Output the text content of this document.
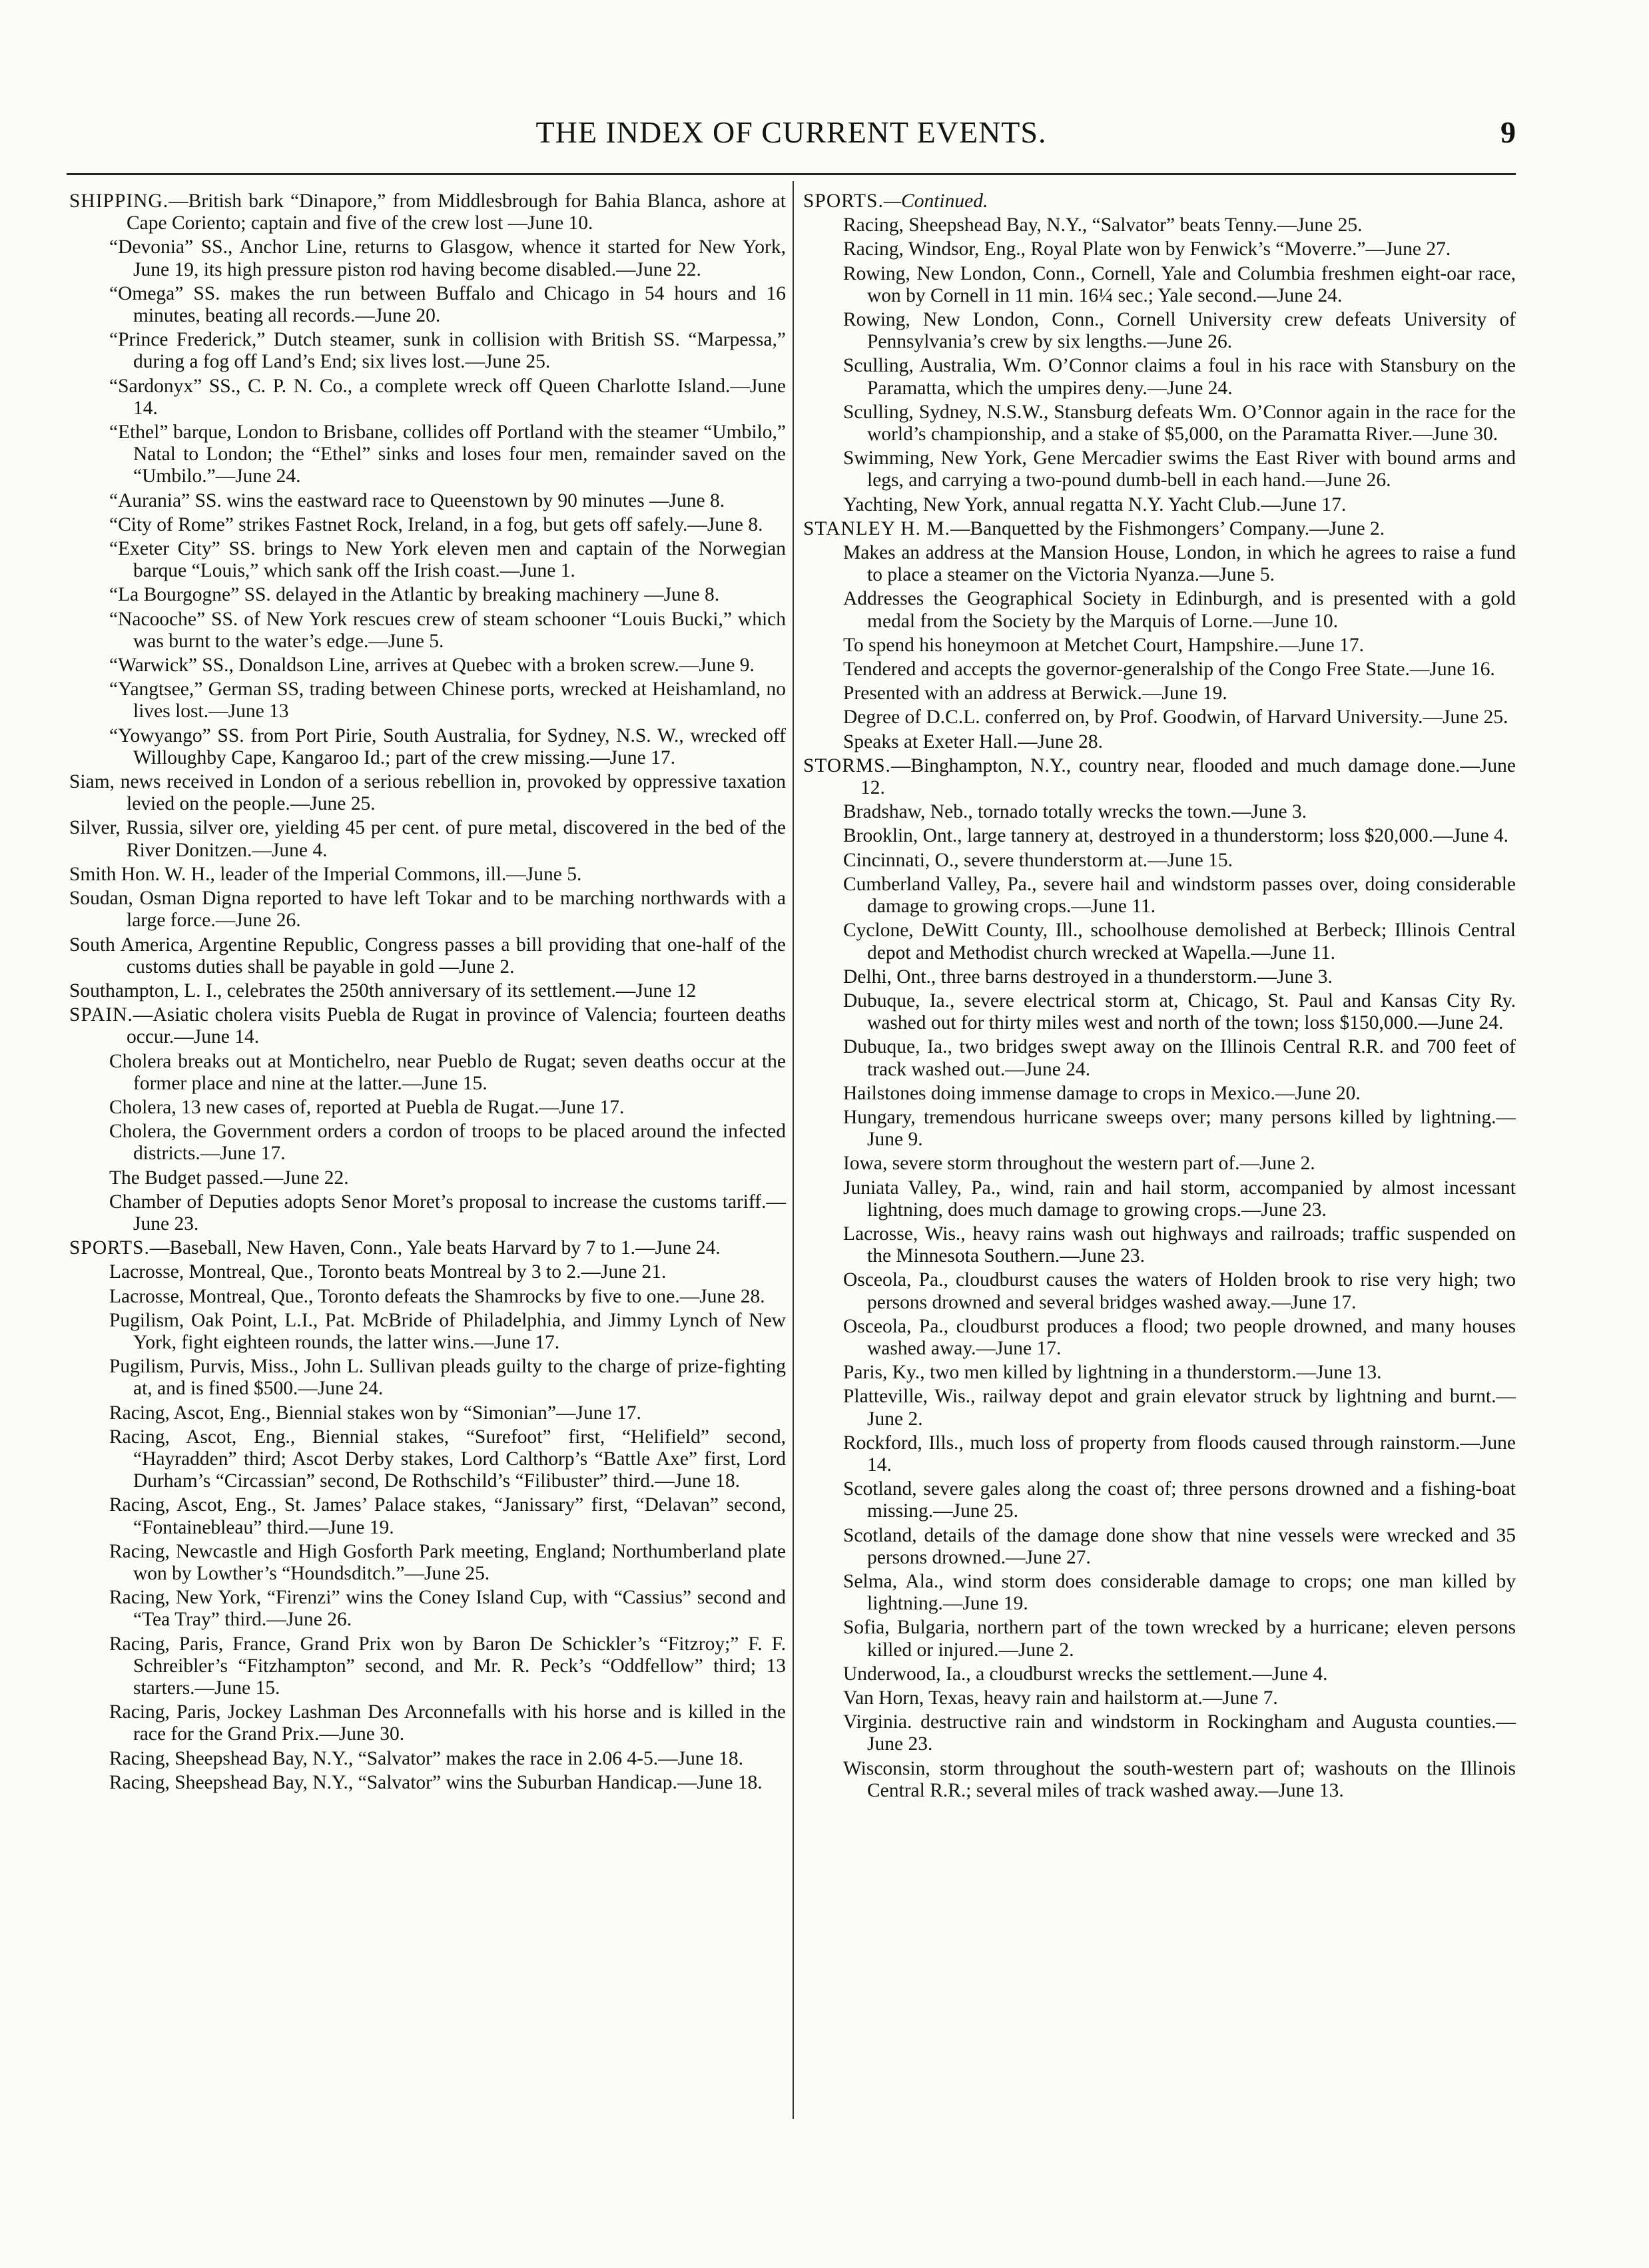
THE INDEX OF CURRENT EVENTS.	9
SHIPPING.—British bark “Dinapore,” from Middlesbrough for Bahia Blanca, ashore at Cape Coriento; captain and five of the crew lost —June 10.
“Devonia” SS., Anchor Line, returns to Glasgow, whence it started for New York, June 19, its high pressure piston rod having become disabled.—June 22.
“Omega” SS. makes the run between Buffalo and Chicago in 54 hours and 16 minutes, beating all records.—June 20.
“Prince Frederick,” Dutch steamer, sunk in collision with British SS. “Marpessa,” during a fog off Land’s End; six lives lost.—June 25.
“Sardonyx” SS., C. P. N. Co., a complete wreck off Queen Charlotte Island.—June 14.
“Ethel” barque, London to Brisbane, collides off Portland with the steamer “Umbilo,” Natal to London; the “Ethel” sinks and loses four men, remainder saved on the “Umbilo.”—June 24.
“Aurania” SS. wins the eastward race to Queenstown by 90 minutes —June 8.
“City of Rome” strikes Fastnet Rock, Ireland, in a fog, but gets off safely.—June 8.
“Exeter City” SS. brings to New York eleven men and captain of the Norwegian barque “Louis,” which sank off the Irish coast.—June 1.
“La Bourgogne” SS. delayed in the Atlantic by breaking machinery —June 8.
“Nacooche” SS. of New York rescues crew of steam schooner “Louis Bucki,” which was burnt to the water’s edge.—June 5.
“Warwick” SS., Donaldson Line, arrives at Quebec with a broken screw.—June 9.
“Yangtsee,” German SS, trading between Chinese ports, wrecked at Heishamland, no lives lost.—June 13
“Yowyango” SS. from Port Pirie, South Australia, for Sydney, N.S. W., wrecked off Willoughby Cape, Kangaroo Id.; part of the crew missing.—June 17.
Siam, news received in London of a serious rebellion in, provoked by oppressive taxation levied on the people.—June 25.
Silver, Russia, silver ore, yielding 45 per cent. of pure metal, discovered in the bed of the River Donitzen.—June 4.
Smith Hon. W. H., leader of the Imperial Commons, ill.—June 5.
Soudan, Osman Digna reported to have left Tokar and to be marching northwards with a large force.—June 26.
South America, Argentine Republic, Congress passes a bill providing that one-half of the customs duties shall be payable in gold —June 2.
Southampton, L. I., celebrates the 250th anniversary of its settlement.—June 12
SPAIN.—Asiatic cholera visits Puebla de Rugat in province of Valencia; fourteen deaths occur.—June 14.
Cholera breaks out at Montichelro, near Pueblo de Rugat; seven deaths occur at the former place and nine at the latter.—June 15.
Cholera, 13 new cases of, reported at Puebla de Rugat.—June 17.
Cholera, the Government orders a cordon of troops to be placed around the infected districts.—June 17.
The Budget passed.—June 22.
Chamber of Deputies adopts Senor Moret’s proposal to increase the customs tariff.—June 23.
SPORTS.—Baseball, New Haven, Conn., Yale beats Harvard by 7 to 1.—June 24.
Lacrosse, Montreal, Que., Toronto beats Montreal by 3 to 2.—June 21.
Lacrosse, Montreal, Que., Toronto defeats the Shamrocks by five to one.—June 28.
Pugilism, Oak Point, L.I., Pat. McBride of Philadelphia, and Jimmy Lynch of New York, fight eighteen rounds, the latter wins.—June 17.
Pugilism, Purvis, Miss., John L. Sullivan pleads guilty to the charge of prize-fighting at, and is fined $500.—June 24.
Racing, Ascot, Eng., Biennial stakes won by “Simonian”—June 17.
Racing, Ascot, Eng., Biennial stakes, “Surefoot” first, “Helifield” second, “Hayradden” third; Ascot Derby stakes, Lord Calthorp’s “Battle Axe” first, Lord Durham’s “Circassian” second, De Rothschild’s “Filibuster” third.—June 18.
Racing, Ascot, Eng., St. James’ Palace stakes, “Janissary” first, “Delavan” second, “Fontainebleau” third.—June 19.
Racing, Newcastle and High Gosforth Park meeting, England; Northumberland plate won by Lowther’s “Houndsditch.”—June 25.
Racing, New York, “Firenzi” wins the Coney Island Cup, with “Cassius” second and “Tea Tray” third.—June 26.
Racing, Paris, France, Grand Prix won by Baron De Schickler’s “Fitzroy;” F. F. Schreibler’s “Fitzhampton” second, and Mr. R. Peck’s “Oddfellow” third; 13 starters.—June 15.
Racing, Paris, Jockey Lashman Des Arconnefalls with his horse and is killed in the race for the Grand Prix.—June 30.
Racing, Sheepshead Bay, N.Y., “Salvator” makes the race in 2.06 4-5.—June 18.
Racing, Sheepshead Bay, N.Y., “Salvator” wins the Suburban Handicap.—June 18.
SPORTS.—Continued.
Racing, Sheepshead Bay, N.Y., “Salvator” beats Tenny.—June 25.
Racing, Windsor, Eng., Royal Plate won by Fenwick’s “Moverre.”—June 27.
Rowing, New London, Conn., Cornell, Yale and Columbia freshmen eight-oar race, won by Cornell in 11 min. 16¼ sec.; Yale second.—June 24.
Rowing, New London, Conn., Cornell University crew defeats University of Pennsylvania’s crew by six lengths.—June 26.
Sculling, Australia, Wm. O’Connor claims a foul in his race with Stansbury on the Paramatta, which the umpires deny.—June 24.
Sculling, Sydney, N.S.W., Stansburg defeats Wm. O’Connor again in the race for the world’s championship, and a stake of $5,000, on the Paramatta River.—June 30.
Swimming, New York, Gene Mercadier swims the East River with bound arms and legs, and carrying a two-pound dumb-bell in each hand.—June 26.
Yachting, New York, annual regatta N.Y. Yacht Club.—June 17.
STANLEY H. M.—Banquetted by the Fishmongers’ Company.—June 2.
Makes an address at the Mansion House, London, in which he agrees to raise a fund to place a steamer on the Victoria Nyanza.—June 5.
Addresses the Geographical Society in Edinburgh, and is presented with a gold medal from the Society by the Marquis of Lorne.—June 10.
To spend his honeymoon at Metchet Court, Hampshire.—June 17.
Tendered and accepts the governor-generalship of the Congo Free State.—June 16.
Presented with an address at Berwick.—June 19.
Degree of D.C.L. conferred on, by Prof. Goodwin, of Harvard University.—June 25.
Speaks at Exeter Hall.—June 28.
STORMS.—Binghampton, N.Y., country near, flooded and much damage done.—June 12.
Bradshaw, Neb., tornado totally wrecks the town.—June 3.
Brooklin, Ont., large tannery at, destroyed in a thunderstorm; loss $20,000.—June 4.
Cincinnati, O., severe thunderstorm at.—June 15.
Cumberland Valley, Pa., severe hail and windstorm passes over, doing considerable damage to growing crops.—June 11.
Cyclone, DeWitt County, Ill., schoolhouse demolished at Berbeck; Illinois Central depot and Methodist church wrecked at Wapella.—June 11.
Delhi, Ont., three barns destroyed in a thunderstorm.—June 3.
Dubuque, Ia., severe electrical storm at, Chicago, St. Paul and Kansas City Ry. washed out for thirty miles west and north of the town; loss $150,000.—June 24.
Dubuque, Ia., two bridges swept away on the Illinois Central R.R. and 700 feet of track washed out.—June 24.
Hailstones doing immense damage to crops in Mexico.—June 20.
Hungary, tremendous hurricane sweeps over; many persons killed by lightning.—June 9.
Iowa, severe storm throughout the western part of.—June 2.
Juniata Valley, Pa., wind, rain and hail storm, accompanied by almost incessant lightning, does much damage to growing crops.—June 23.
Lacrosse, Wis., heavy rains wash out highways and railroads; traffic suspended on the Minnesota Southern.—June 23.
Osceola, Pa., cloudburst causes the waters of Holden brook to rise very high; two persons drowned and several bridges washed away.—June 17.
Osceola, Pa., cloudburst produces a flood; two people drowned, and many houses washed away.—June 17.
Paris, Ky., two men killed by lightning in a thunderstorm.—June 13.
Platteville, Wis., railway depot and grain elevator struck by lightning and burnt.—June 2.
Rockford, Ills., much loss of property from floods caused through rainstorm.—June 14.
Scotland, severe gales along the coast of; three persons drowned and a fishing-boat missing.—June 25.
Scotland, details of the damage done show that nine vessels were wrecked and 35 persons drowned.—June 27.
Selma, Ala., wind storm does considerable damage to crops; one man killed by lightning.—June 19.
Sofia, Bulgaria, northern part of the town wrecked by a hurricane; eleven persons killed or injured.—June 2.
Underwood, Ia., a cloudburst wrecks the settlement.—June 4.
Van Horn, Texas, heavy rain and hailstorm at.—June 7.
Virginia. destructive rain and windstorm in Rockingham and Augusta counties.—June 23.
Wisconsin, storm throughout the south-western part of; washouts on the Illinois Central R.R.; several miles of track washed away.—June 13.
